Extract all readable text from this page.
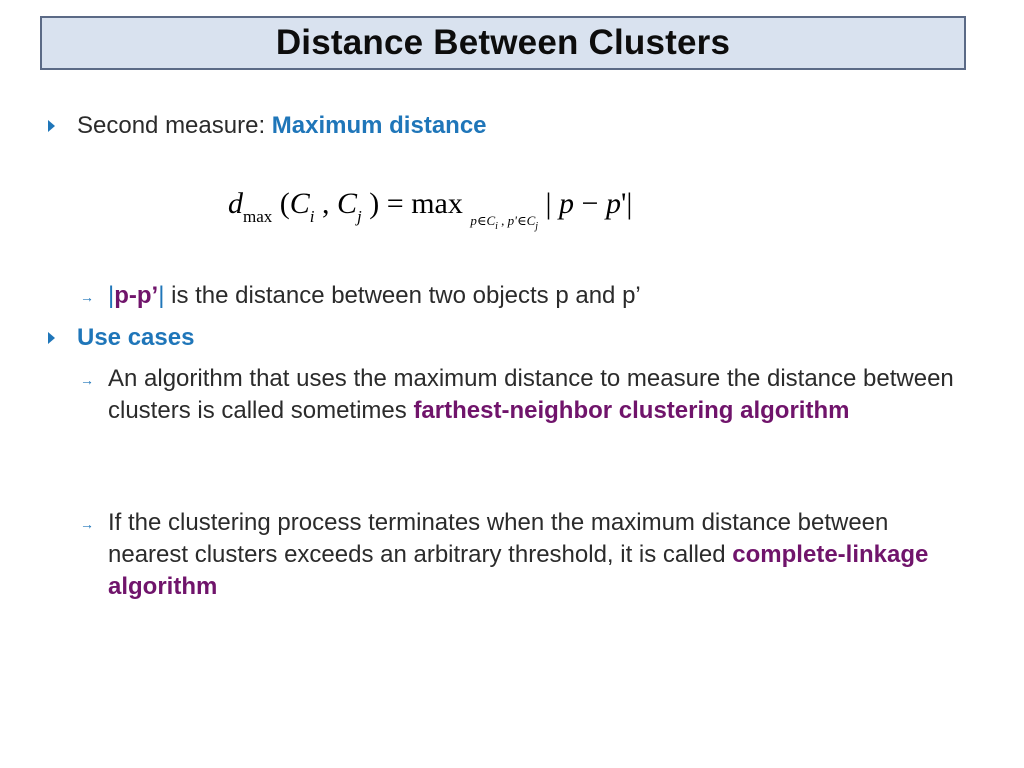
Distance Between Clusters
Second measure: Maximum distance
$d_{max}$ ($C_i$ , $C_j$ ) = max $_{p\in Ci}$ $_,$ $_{p'\in Cj}$ | p − p'|
→ |p-p’| is the distance between two objects p and p’
Use cases
→ An algorithm that uses the maximum distance to measure the distance between clusters is called sometimes farthest-neighbor clustering algorithm
→ If the clustering process terminates when the maximum distance between nearest clusters exceeds an arbitrary threshold, it is called complete-linkage algorithm
